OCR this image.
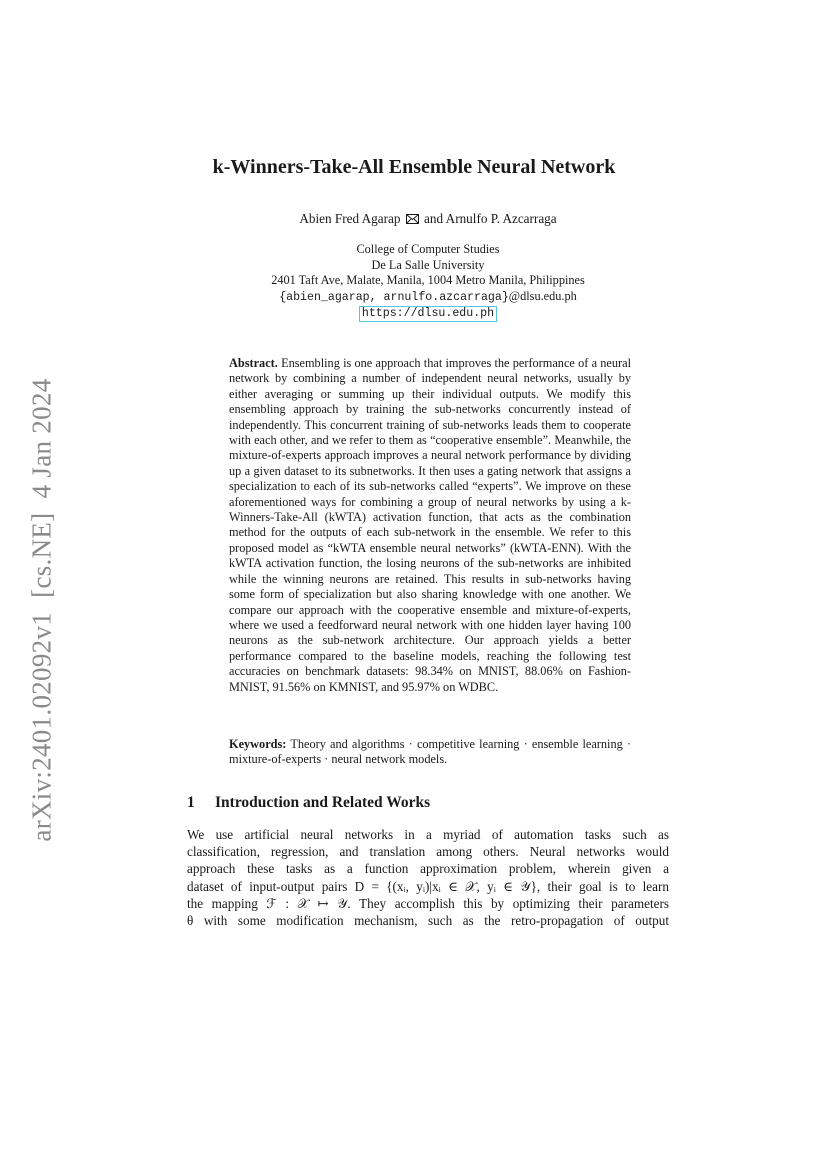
arXiv:2401.02092v1  [cs.NE]  4 Jan 2024
k-Winners-Take-All Ensemble Neural Network
Abien Fred Agarap and Arnulfo P. Azcarraga
College of Computer Studies
De La Salle University
2401 Taft Ave, Malate, Manila, 1004 Metro Manila, Philippines
{abien_agarap, arnulfo.azcarraga}@dlsu.edu.ph
https://dlsu.edu.ph
Abstract. Ensembling is one approach that improves the performance of a neural network by combining a number of independent neural networks, usually by either averaging or summing up their individual outputs. We modify this ensembling approach by training the sub-networks concurrently instead of independently. This concurrent training of sub-networks leads them to cooperate with each other, and we refer to them as “cooperative ensemble”. Meanwhile, the mixture-of-experts approach improves a neural network performance by dividing up a given dataset to its subnetworks. It then uses a gating network that assigns a specialization to each of its sub-networks called “experts”. We improve on these aforementioned ways for combining a group of neural networks by using a k-Winners-Take-All (kWTA) activation function, that acts as the combination method for the outputs of each sub-network in the ensemble. We refer to this proposed model as “kWTA ensemble neural networks” (kWTA-ENN). With the kWTA activation function, the losing neurons of the sub-networks are inhibited while the winning neurons are retained. This results in sub-networks having some form of specialization but also sharing knowledge with one another. We compare our approach with the cooperative ensemble and mixture-of-experts, where we used a feedforward neural network with one hidden layer having 100 neurons as the sub-network architecture. Our approach yields a better performance compared to the baseline models, reaching the following test accuracies on benchmark datasets: 98.34% on MNIST, 88.06% on Fashion-MNIST, 91.56% on KMNIST, and 95.97% on WDBC.
Keywords: Theory and algorithms · competitive learning · ensemble learning · mixture-of-experts · neural network models.
1 Introduction and Related Works
We use artificial neural networks in a myriad of automation tasks such as
classification, regression, and translation among others. Neural networks would
approach these tasks as a function approximation problem, wherein given a
dataset of input-output pairs D = {(xᵢ, yᵢ)|xᵢ ∈ 𝒳, yᵢ ∈ 𝒴}, their goal is to learn
the mapping ℱ : 𝒳 ↦ 𝒴. They accomplish this by optimizing their parameters
θ with some modification mechanism, such as the retro-propagation of output
